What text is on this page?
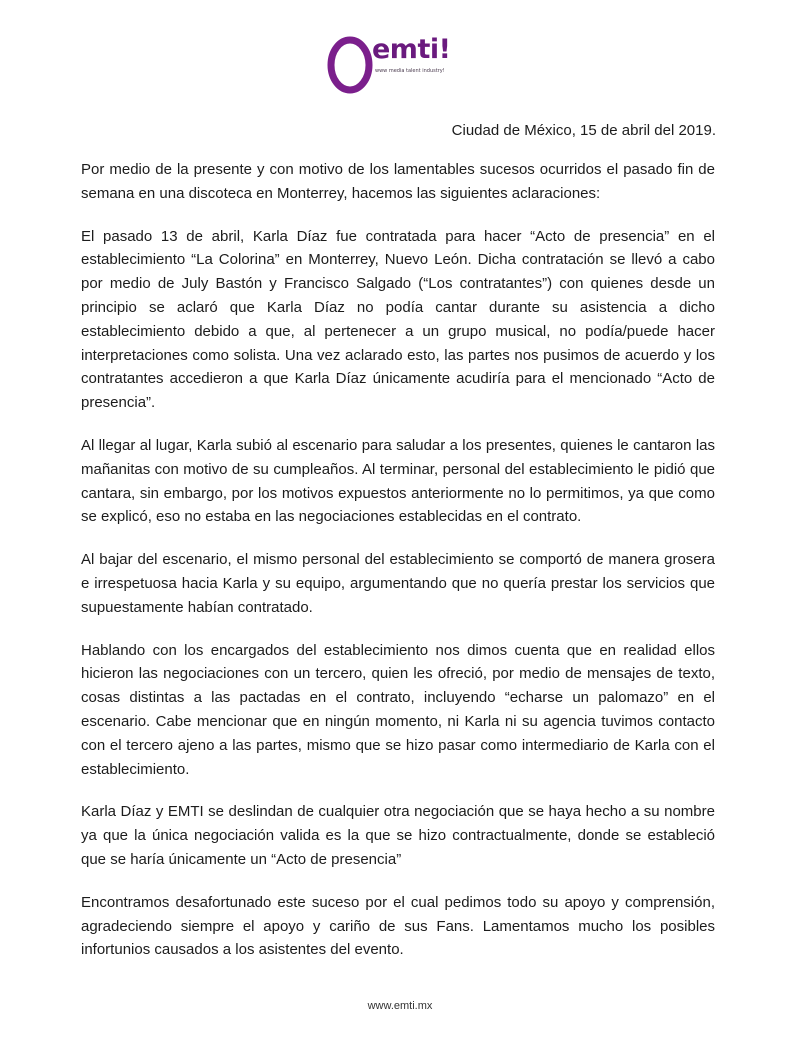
emti!
www media talent industry!
Ciudad de México, 15 de abril del 2019.

Por medio de la presente y con motivo de los lamentables sucesos ocurridos el pasado fin de semana en una discoteca en Monterrey, hacemos las siguientes aclaraciones:

El pasado 13 de abril, Karla Díaz fue contratada para hacer “Acto de presencia” en el establecimiento “La Colorina” en Monterrey, Nuevo León. Dicha contratación se llevó a cabo por medio de July Bastón y Francisco Salgado (“Los contratantes”) con quienes desde un principio se aclaró que Karla Díaz no podía cantar durante su asistencia a dicho establecimiento debido a que, al pertenecer a un grupo musical, no podía/puede hacer interpretaciones como solista. Una vez aclarado esto, las partes nos pusimos de acuerdo y los contratantes accedieron a que Karla Díaz únicamente acudiría para el mencionado “Acto de presencia”.

Al llegar al lugar, Karla subió al escenario para saludar a los presentes, quienes le cantaron las mañanitas con motivo de su cumpleaños. Al terminar, personal del establecimiento le pidió que cantara, sin embargo, por los motivos expuestos anteriormente no lo permitimos, ya que como se explicó, eso no estaba en las negociaciones establecidas en el contrato.

Al bajar del escenario, el mismo personal del establecimiento se comportó de manera grosera e irrespetuosa hacia Karla y su equipo, argumentando que no quería prestar los servicios que supuestamente habían contratado.

Hablando con los encargados del establecimiento nos dimos cuenta que en realidad ellos hicieron las negociaciones con un tercero, quien les ofreció, por medio de mensajes de texto, cosas distintas a las pactadas en el contrato, incluyendo “echarse un palomazo” en el escenario. Cabe mencionar que en ningún momento, ni Karla ni su agencia tuvimos contacto con el tercero ajeno a las partes, mismo que se hizo pasar como intermediario de Karla con el establecimiento.

Karla Díaz y EMTI se deslindan de cualquier otra negociación que se haya hecho a su nombre ya que la única negociación valida es la que se hizo contractualmente, donde se estableció que se haría únicamente un “Acto de presencia”

Encontramos desafortunado este suceso por el cual pedimos todo su apoyo y comprensión, agradeciendo siempre el apoyo y cariño de sus Fans. Lamentamos mucho los posibles infortunios causados a los asistentes del evento.

www.emti.mx
